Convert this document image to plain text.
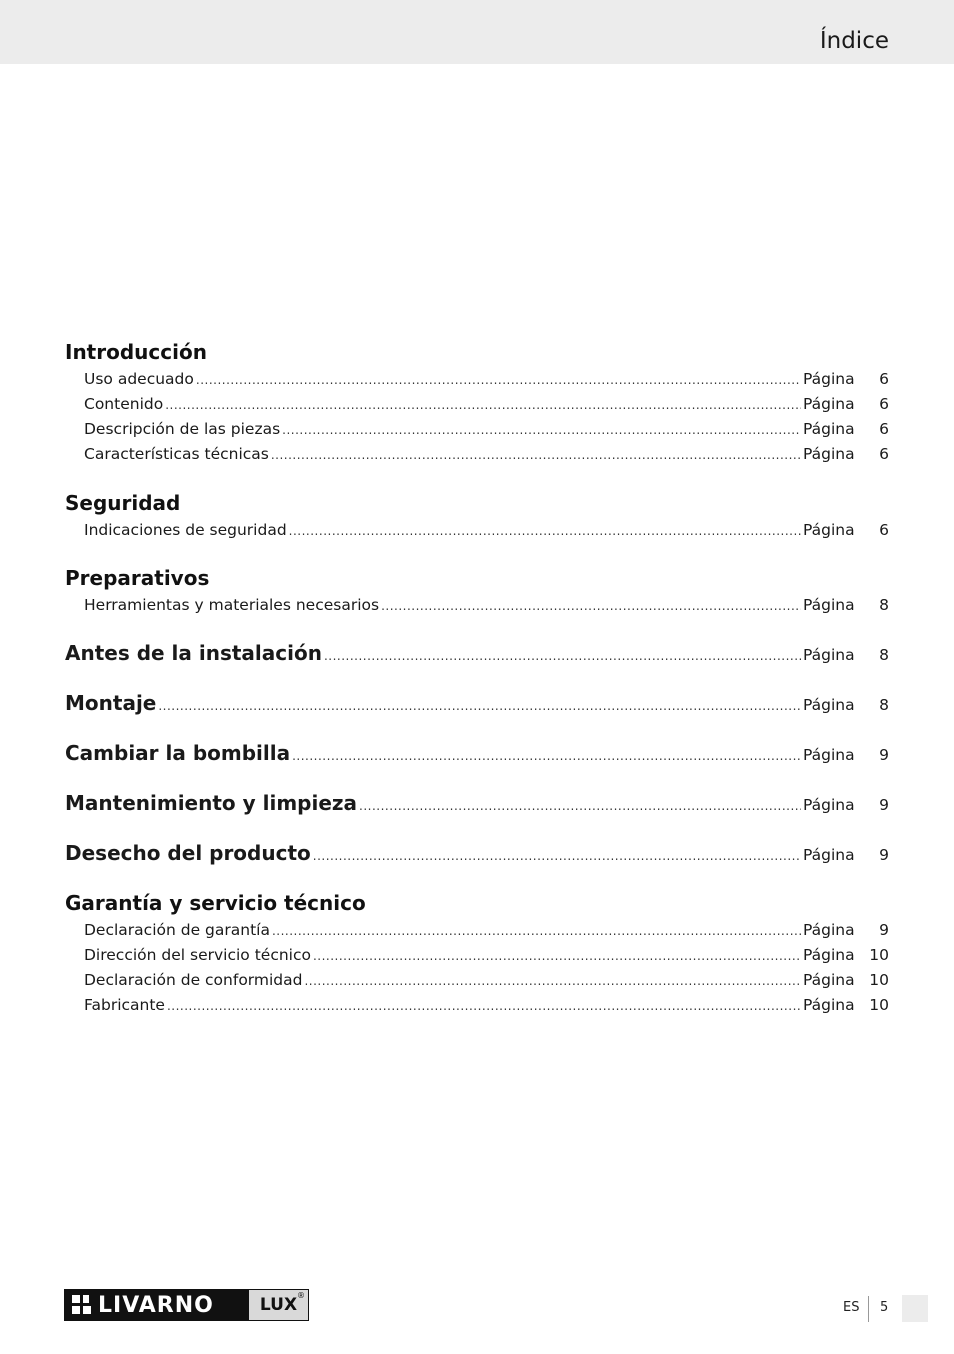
Índice
Introducción
Uso adecuado .....	Página	6
Contenido .....	Página	6
Descripción de las piezas .....	Página	6
Características técnicas .....	Página	6
Seguridad
Indicaciones de seguridad .....	Página	6
Preparativos
Herramientas y materiales necesarios .....	Página	8
Antes de la instalación .....	Página	8
Montaje .....	Página	8
Cambiar la bombilla .....	Página	9
Mantenimiento y limpieza .....	Página	9
Desecho del producto .....	Página	9
Garantía y servicio técnico
Declaración de garantía .....	Página	9
Dirección del servicio técnico .....	Página 10
Declaración de conformidad .....	Página 10
Fabricante .....	Página 10
LIVARNO	LUX ®
ES 5
